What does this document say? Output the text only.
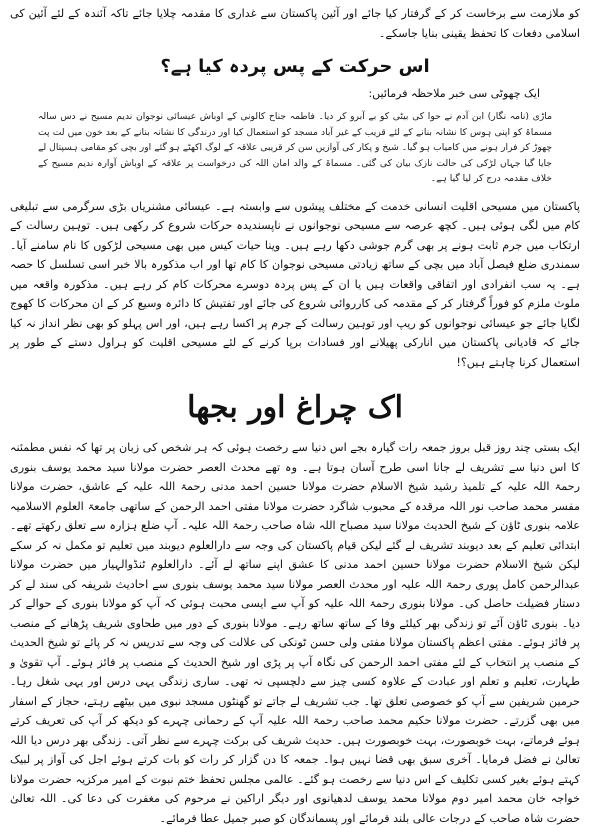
کو ملازمت سے برخاست کر کے گرفتار کیا جائے اور آئین پاکستان سے غداری کا مقدمہ چلایا جائے تاکہ آئندہ کے لئے آئین کی اسلامی دفعات کا تحفظ یقینی بنایا جاسکے۔

اس حرکت کے پس پردہ کیا ہے؟

ایک چھوٹی سی خبر ملاحظہ فرمائیں:

ماڑی (نامہ نگار) ابن آدم نے حوا کی بیٹی کو بے آبرو کر دیا۔ فاطمہ جناح کالونی کے اوباش عیسائی نوجوان ندیم مسیح نے دس سالہ مسماۃ کو اپنی ہوس کا نشانہ بنانے کے لئے قریب کے غیر آباد مسجد کو استعمال کیا اور درندگی کا نشانہ بنانے کے بعد خون میں لت پت چھوڑ کر فرار ہونے میں کامیاب ہو گیا۔ شیخ و پکار کی آوازیں سن کر قریبی علاقہ کے لوگ اکھٹے ہو گئے اور بچی کو مقامی ہسپتال لے جایا گیا جہاں لڑکی کی حالت نازک بیان کی گئی۔ مسماۃ کے والد امان اللہ کی درخواست پر علاقہ کے اوباش آوارہ ندیم مسیح کے خلاف مقدمہ درج کر لیا گیا ہے۔

پاکستان میں مسیحی اقلیت انسانی خدمت کے مختلف پیشوں سے وابستہ ہے۔ عیسائی مشنریاں بڑی سرگرمی سے تبلیغی کام میں لگی ہوئی ہیں۔ کچھ عرصہ سے مسیحی نوجوانوں نے ناپسندیدہ حرکات شروع کر رکھی ہیں۔ توہین رسالت کے ارتکاب میں جرم ثابت ہونے پر بھی گرم جوشی دکھا رہے ہیں۔ وینا حیات کیس میں بھی مسیحی لڑکوں کا نام سامنے آیا۔ سمندری ضلع فیصل آباد میں بچی کے ساتھ زیادتی مسیحی نوجوان کا کام تھا اور اب مذکورہ بالا خبر اسی تسلسل کا حصہ ہے۔ یہ سب انفرادی اور اتفاقی واقعات ہیں یا ان کے پس پردہ دوسرے محرکات کام کر رہے ہیں۔ مذکورہ واقعہ میں ملوث ملزم کو فوراً گرفتار کر کے مقدمہ کی کارروائی شروع کی جائے اور تفتیش کا دائرہ وسیع کر کے ان محرکات کا کھوج لگایا جائے جو عیسائی نوجوانوں کو ریپ اور توہین رسالت کے جرم پر اکسا رہے ہیں، اور اس پہلو کو بھی نظر انداز نہ کیا جائے کہ قادیانی پاکستان میں انارکی پھیلانے اور فسادات برپا کرنے کے لئے مسیحی اقلیت کو ہراول دستے کے طور پر استعمال کرنا چاہتے ہیں؟!

اک چراغ اور بجھا

ایک بستی چند روز قبل بروز جمعہ رات گیارہ بجے اس دنیا سے رخصت ہوئی کہ ہر شخص کی زبان پر تھا کہ نفس مطمئنہ کا اس دنیا سے تشریف لے جانا اسی طرح آسان ہوتا ہے۔ وہ تھے محدث العصر حضرت مولانا سید محمد یوسف بنوری رحمۃ اللہ علیہ کے تلمیذ رشید شیخ الاسلام حضرت مولانا حسین احمد مدنی رحمۃ اللہ علیہ کے عاشق، حضرت مولانا مفسر محمد صاحب نور اللہ مرقدہ کے محبوب شاگرد حضرت مولانا مفتی احمد الرحمن کے ساتھی جامعۃ العلوم الاسلامیہ علامہ بنوری ٹاؤن کے شیخ الحدیث مولانا سید مصباح اللہ شاہ صاحب رحمۃ اللہ علیہ۔ آپ ضلع ہزارہ سے تعلق رکھتے تھے۔ ابتدائی تعلیم کے بعد دیوبند تشریف لے گئے لیکن قیام پاکستان کی وجہ سے دارالعلوم دیوبند میں تعلیم تو مکمل نہ کر سکے لیکن شیخ الاسلام حضرت مولانا حسین احمد مدنی کا عشق اپنے ساتھ لے آئے۔ دارالعلوم ٹنڈوالہیار میں حضرت مولانا عبدالرحمن کامل پوری رحمۃ اللہ علیہ اور محدث العصر مولانا سید محمد یوسف بنوری سے احادیث شریفہ کی سند لے کر دستار فضیلت حاصل کی۔ مولانا بنوری رحمۃ اللہ علیہ کو آپ سے ایسی محبت ہوئی کہ آپ کو مولانا بنوری کے حوالے کر دیا۔ بنوری ٹاؤن آئے تو زندگی بھر کیلئے وفا کے ساتھ ساتھ رہے۔ مولانا بنوری کے دور میں طحاوی شریف پڑھانے کے منصب پر فائز ہوئے۔ مفتی اعظم پاکستان مولانا مفتی ولی حسن ٹونکی کی علالت کی وجہ سے تدریس نہ کر پائے تو شیخ الحدیث کے منصب پر انتخاب کے لئے مفتی احمد الرحمن کی نگاہ آپ پر پڑی اور شیخ الحدیث کے منصب پر فائز ہوئے۔ آپ تقویٰ و طہارت، تعلیم و تعلم اور عبادت کے علاوہ کسی چیز سے دلچسپی نہ تھی۔ ساری زندگی یہی درس اور یہی شغل رہا۔ حرمین شریفین سے آپ کو خصوصی تعلق تھا۔ جب تشریف لے جاتے تو گھنٹوں مسجد نبوی میں بیٹھے رہتے، حجاز کے اسفار میں بھی گزرتے۔ حضرت مولانا حکیم محمد صاحب رحمۃ اللہ علیہ آپ کے رحمانی چہرے کو دیکھ کر آپ کی تعریف کرتے ہوئے فرماتے، بہت خوبصورت، بہت خوبصورت ہیں۔ حدیث شریف کی برکت چہرے سے نظر آتی۔ زندگی بھر درس دیا اللہ تعالیٰ نے فضل فرمایا۔ آخری سبق بھی قضا نہیں ہوا۔ جمعہ کا دن گزار کر رات کو بات کرتے ہوئے اجل کی آواز پر لبیک کہتے ہوئے بغیر کسی تکلیف کے اس دنیا سے رخصت ہو گئے۔ عالمی مجلس تحفظ ختم نبوت کے امیر مرکزیہ حضرت مولانا خواجہ خان محمد امیر دوم مولانا محمد یوسف لدھیانوی اور دیگر اراکین نے مرحوم کی مغفرت کی دعا کی۔ اللہ تعالیٰ حضرت شاہ صاحب کے درجات عالی بلند فرمائے اور پسماندگان کو صبر جمیل عطا فرمائے۔
